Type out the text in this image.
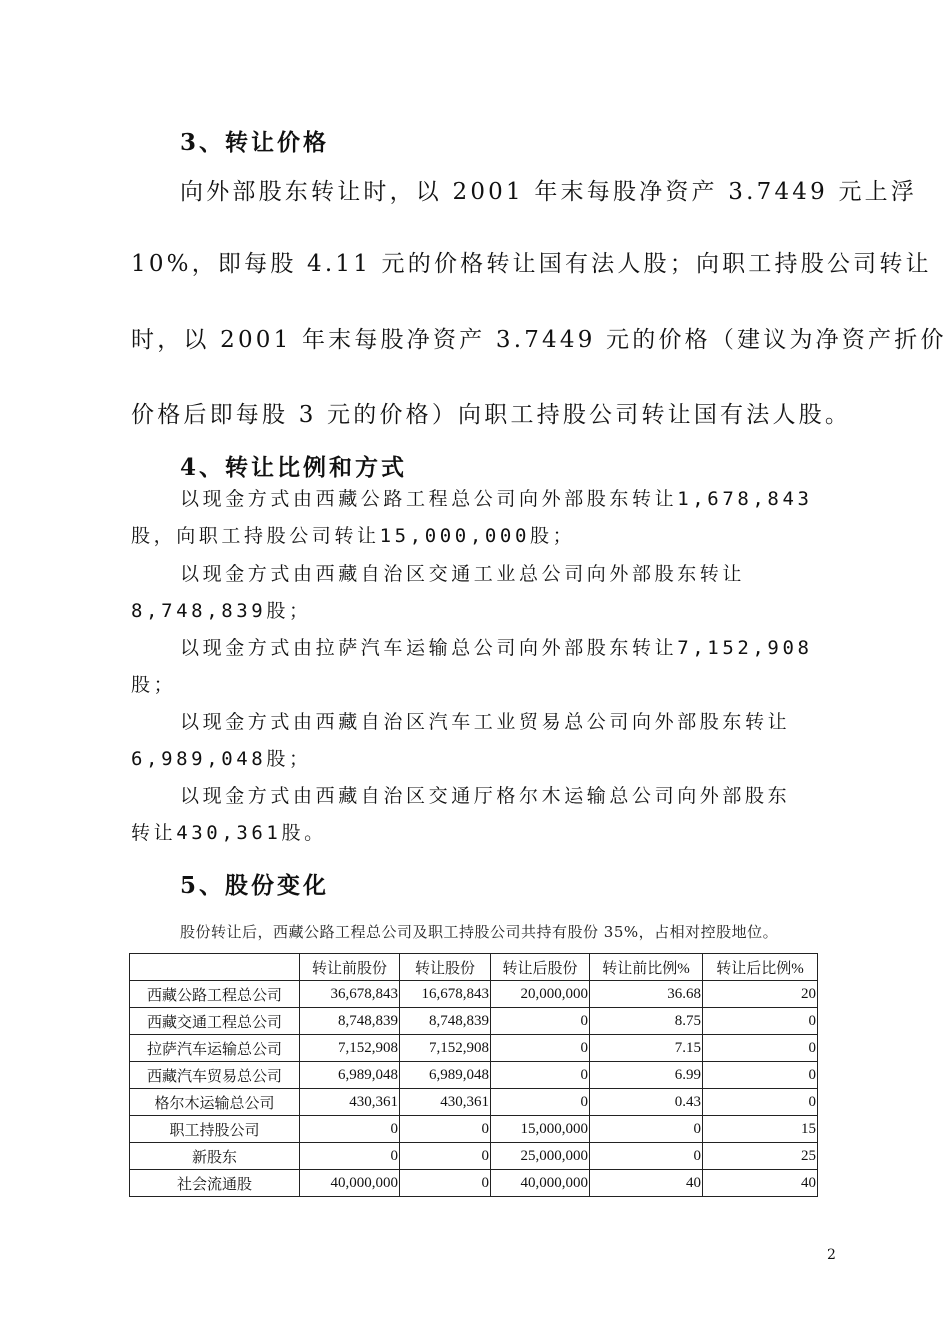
3、转让价格
向外部股东转让时，以 2001 年末每股净资产 3.7449 元上浮
10%，即每股 4.11 元的价格转让国有法人股；向职工持股公司转让
时，以 2001 年末每股净资产 3.7449 元的价格（建议为净资产折价
价格后即每股 3 元的价格）向职工持股公司转让国有法人股。
4、转让比例和方式
以现金方式由西藏公路工程总公司向外部股东转让1,678,843
股，向职工持股公司转让15,000,000股；
以现金方式由西藏自治区交通工业总公司向外部股东转让
8,748,839股；
以现金方式由拉萨汽车运输总公司向外部股东转让7,152,908
股；
以现金方式由西藏自治区汽车工业贸易总公司向外部股东转让
6,989,048股；
以现金方式由西藏自治区交通厅格尔木运输总公司向外部股东
转让430,361股。
5、股份变化
股份转让后，西藏公路工程总公司及职工持股公司共持有股份 35%，占相对控股地位。
	转让前股份	转让股份	转让后股份	转让前比例%	转让后比例%
西藏公路工程总公司	36,678,843	16,678,843	20,000,000	36.68	20
西藏交通工程总公司	8,748,839	8,748,839	0	8.75	0
拉萨汽车运输总公司	7,152,908	7,152,908	0	7.15	0
西藏汽车贸易总公司	6,989,048	6,989,048	0	6.99	0
格尔木运输总公司	430,361	430,361	0	0.43	0
职工持股公司	0	0	15,000,000	0	15
新股东	0	0	25,000,000	0	25
社会流通股	40,000,000	0	40,000,000	40	40
2
